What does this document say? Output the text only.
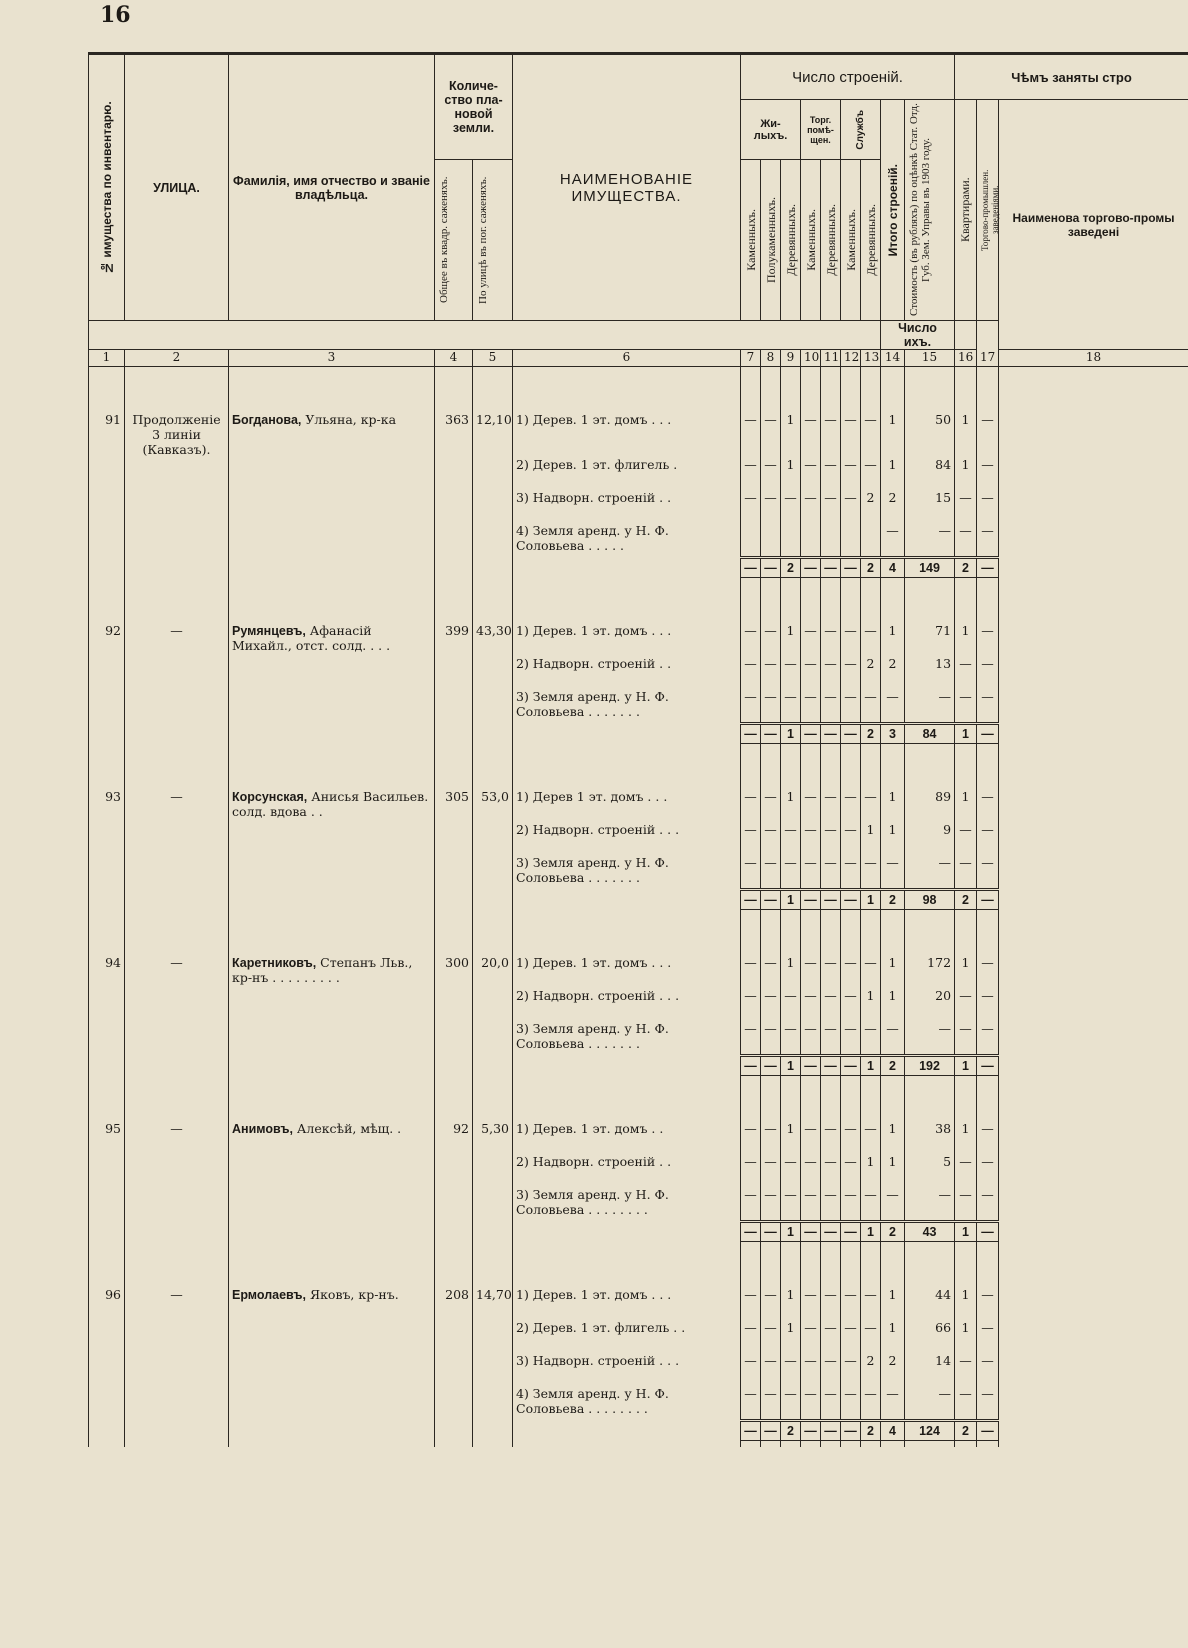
16
№ имущества по инвентарю.	УЛИЦА.	Фамилія, имя отчество и званіе владѣльца.	Количе-ство пла-новой земли.		НАИМЕНОВАНІЕ ИМУЩЕСТВА.	Число строеній.									Чѣмъ заняты стро		
						Жи-лыхъ.			Торг. помѣ-щен.		Службъ		Итого строеній.	Стоимость (въ рубляхъ) по оцѣнкѣ Стат. Отд. Губ. Зем. Управы въ 1903 году.	Квартирами.	Торгово-промышлен. заведеніями.	Наименова торгово-промы заведені

			Общее въ квадр. саженяхъ.	По улицѣ въ пог. саженяхъ.		Каменныхъ.	Полукаменныхъ.	Деревянныхъ.	Каменныхъ.	Деревянныхъ.	Каменныхъ.	Деревянныхъ.					

													Число ихъ.				
1	2	3	4	5	6	7	8	9	10	11	12	13	14	15	16	17	18

91	Продолженіе 3 линіи (Кавказъ).	Богданова, Ульяна, кр-ка	363	12,10	1) Дерев. 1 эт. домъ . . .	—	—	1	—	—	—	—	1	50	1	—	
					2) Дерев. 1 эт. флигель .	—	—	1	—	—	—	—	1	84	1	—	
					3) Надворн. строеній . .	—	—	—	—	—	—	2	2	15	—	—	
					4) Земля аренд. у Н. Ф. Соловьева . . . . .								—	—	—	—	
						—	—	2	—	—	—	2	4	149	2	—	

92	—	Румянцевъ, Афанасій Михайл., отст. солд. . . .	399	43,30	1) Дерев. 1 эт. домъ . . .	—	—	1	—	—	—	—	1	71	1	—	
					2) Надворн. строеній . .	—	—	—	—	—	—	2	2	13	—	—	
					3) Земля аренд. у Н. Ф. Соловьева . . . . . . .	—	—	—	—	—	—	—	—	—	—	—	
						—	—	1	—	—	—	2	3	84	1	—	

93	—	Корсунская, Анисья Васильев. солд. вдова . .	305	53,0	1) Дерев 1 эт. домъ . . .	—	—	1	—	—	—	—	1	89	1	—	
					2) Надворн. строеній . . .	—	—	—	—	—	—	1	1	9	—	—	
					3) Земля аренд. у Н. Ф. Соловьева . . . . . . .	—	—	—	—	—	—	—	—	—	—	—	
						—	—	1	—	—	—	1	2	98	2	—	

94	—	Каретниковъ, Степанъ Льв., кр-нъ . . . . . . . . .	300	20,0	1) Дерев. 1 эт. домъ . . .	—	—	1	—	—	—	—	1	172	1	—	
					2) Надворн. строеній . . .	—	—	—	—	—	—	1	1	20	—	—	
					3) Земля аренд. у Н. Ф. Соловьева . . . . . . .	—	—	—	—	—	—	—	—	—	—	—	
						—	—	1	—	—	—	1	2	192	1	—	

95	—	Анимовъ, Алексѣй, мѣщ. .	92	5,30	1) Дерев. 1 эт. домъ . .	—	—	1	—	—	—	—	1	38	1	—	
					2) Надворн. строеній . .	—	—	—	—	—	—	1	1	5	—	—	
					3) Земля аренд. у Н. Ф. Соловьева . . . . . . . .	—	—	—	—	—	—	—	—	—	—	—	
						—	—	1	—	—	—	1	2	43	1	—	

96	—	Ермолаевъ, Яковъ, кр-нъ.	208	14,70	1) Дерев. 1 эт. домъ . . .	—	—	1	—	—	—	—	1	44	1	—	
					2) Дерев. 1 эт. флигель . .	—	—	1	—	—	—	—	1	66	1	—	
					3) Надворн. строеній . . .	—	—	—	—	—	—	2	2	14	—	—	
					4) Земля аренд. у Н. Ф. Соловьева . . . . . . . .	—	—	—	—	—	—	—	—	—	—	—	
						—	—	2	—	—	—	2	4	124	2	—	
